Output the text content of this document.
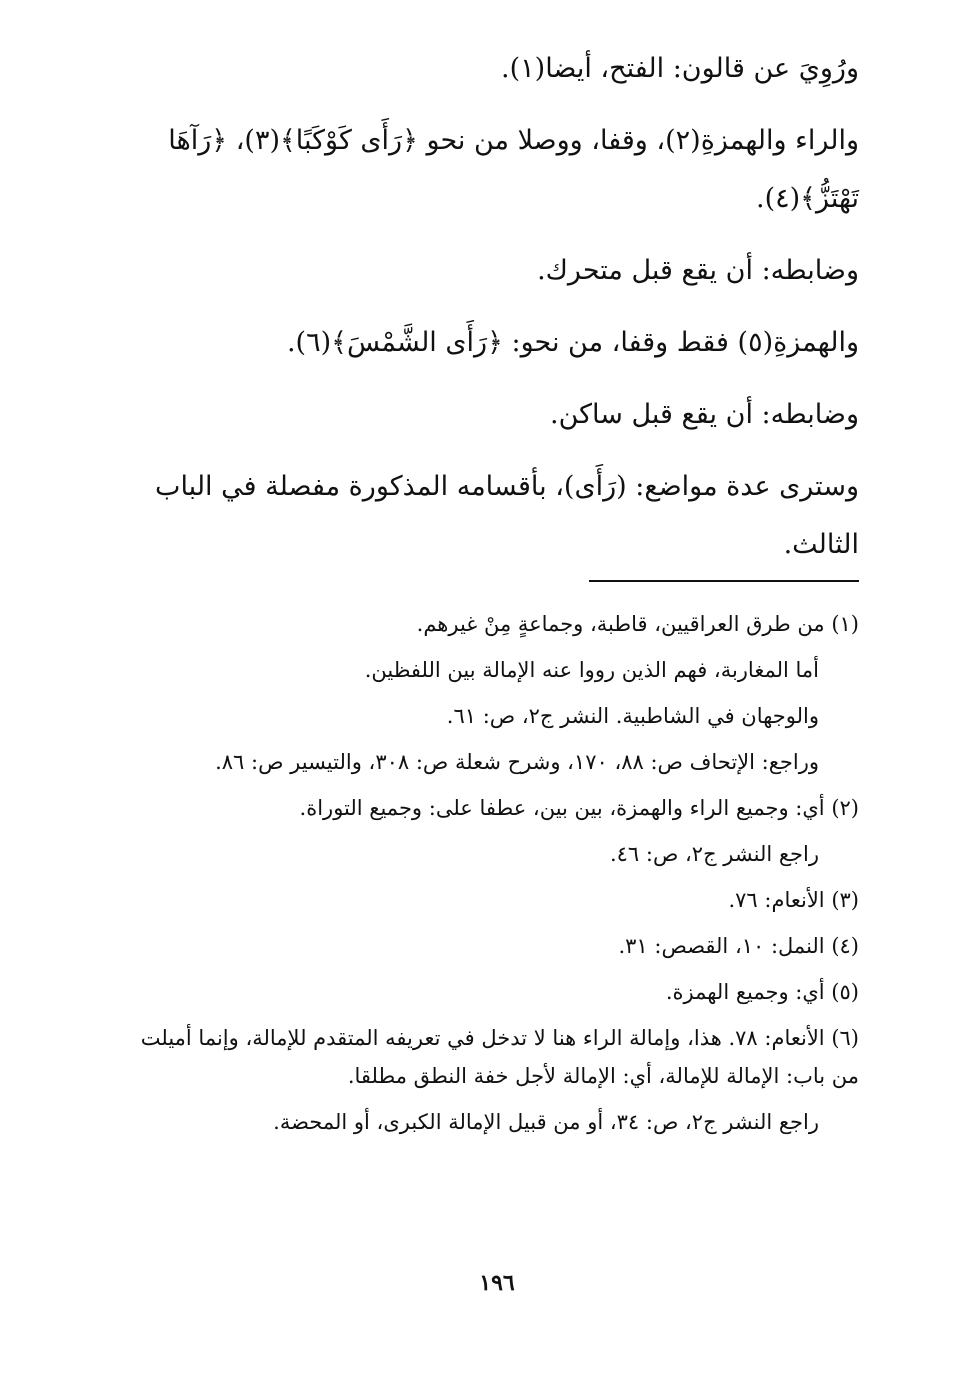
ورُوِيَ عن قالون: الفتح، أيضا(١).

والراء والهمزةِ(٢)، وقفا، ووصلا من نحو ﴿رَأَى كَوْكَبًا﴾(٣)، ﴿رَآهَا تَهْتَزُّ﴾(٤).

وضابطه: أن يقع قبل متحرك.

والهمزةِ(٥) فقط وقفا، من نحو: ﴿رَأَى الشَّمْسَ﴾(٦).

وضابطه: أن يقع قبل ساكن.

وسترى عدة مواضع: (رَأَى)، بأقسامه المذكورة مفصلة في الباب الثالث.

(١) من طرق العراقيين، قاطبة، وجماعةٍ مِنْ غيرهم.

أما المغاربة، فهم الذين رووا عنه الإمالة بين اللفظين.

والوجهان في الشاطبية. النشر ج٢، ص: ٦١.

وراجع: الإتحاف ص: ٨٨، ١٧٠، وشرح شعلة ص: ٣٠٨، والتيسير ص: ٨٦.

(٢) أي: وجميع الراء والهمزة، بين بين، عطفا على: وجميع التوراة.

راجع النشر ج٢، ص: ٤٦.

(٣) الأنعام: ٧٦.

(٤) النمل: ١٠، القصص: ٣١.

(٥) أي: وجميع الهمزة.

(٦) الأنعام: ٧٨. هذا، وإمالة الراء هنا لا تدخل في تعريفه المتقدم للإمالة، وإنما أميلت من باب: الإمالة للإمالة، أي: الإمالة لأجل خفة النطق مطلقا.

راجع النشر ج٢، ص: ٣٤، أو من قبيل الإمالة الكبرى، أو المحضة.

١٩٦
